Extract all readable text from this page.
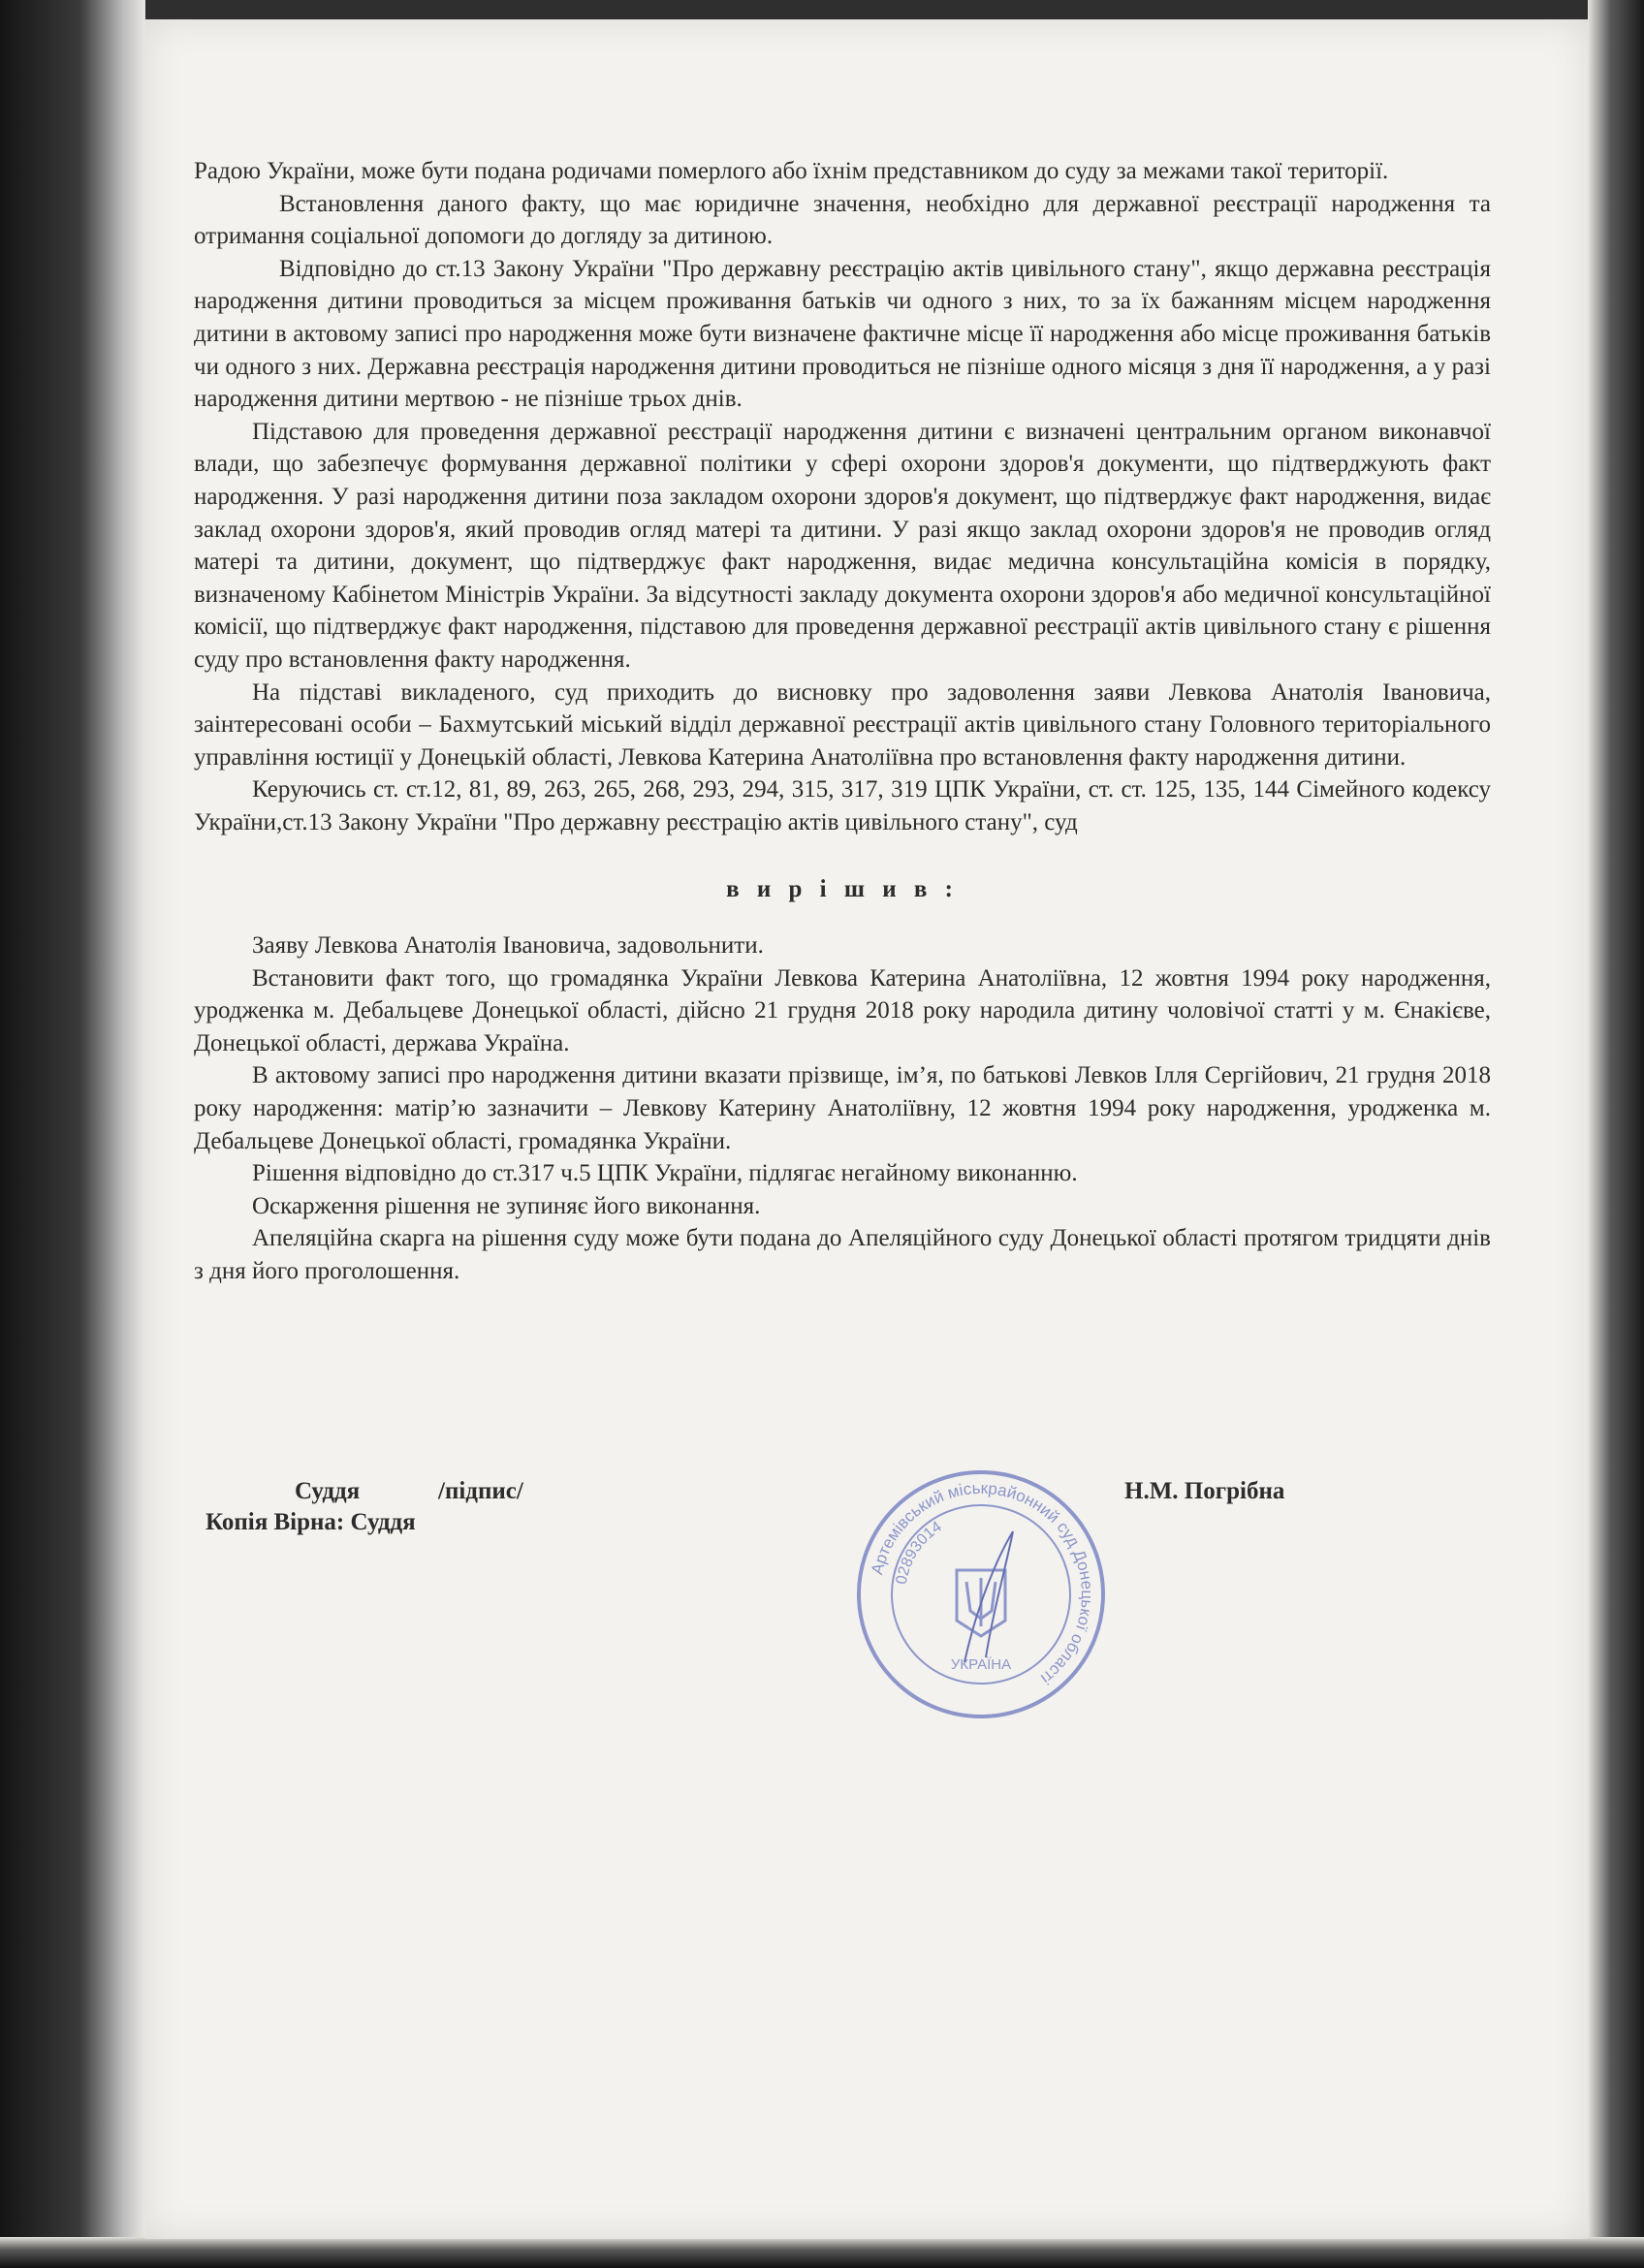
Радою України, може бути подана родичами померлого або їхнім представником до суду за межами такої території.

Встановлення даного факту, що має юридичне значення, необхідно для державної реєстрації народження та отримання соціальної допомоги до догляду за дитиною.

Відповідно до ст.13 Закону України "Про державну реєстрацію актів цивільного стану", якщо державна реєстрація народження дитини проводиться за місцем проживання батьків чи одного з них, то за їх бажанням місцем народження дитини в актовому записі про народження може бути визначене фактичне місце її народження або місце проживання батьків чи одного з них. Державна реєстрація народження дитини проводиться не пізніше одного місяця з дня її народження, а у разі народження дитини мертвою - не пізніше трьох днів.

Підставою для проведення державної реєстрації народження дитини є визначені центральним органом виконавчої влади, що забезпечує формування державної політики у сфері охорони здоров'я документи, що підтверджують факт народження. У разі народження дитини поза закладом охорони здоров'я документ, що підтверджує факт народження, видає заклад охорони здоров'я, який проводив огляд матері та дитини. У разі якщо заклад охорони здоров'я не проводив огляд матері та дитини, документ, що підтверджує факт народження, видає медична консультаційна комісія в порядку, визначеному Кабінетом Міністрів України. За відсутності закладу документа охорони здоров'я або медичної консультаційної комісії, що підтверджує факт народження, підставою для проведення державної реєстрації актів цивільного стану є рішення суду про встановлення факту народження.

На підставі викладеного, суд приходить до висновку про задоволення заяви Левкова Анатолія Івановича, заінтересовані особи – Бахмутський міський відділ державної реєстрації актів цивільного стану Головного територіального управління юстиції у Донецькій області, Левкова Катерина Анатоліївна про встановлення факту народження дитини.

Керуючись ст. ст.12, 81, 89, 263, 265, 268, 293, 294, 315, 317, 319 ЦПК України, ст. ст. 125, 135, 144 Сімейного кодексу України,ст.13 Закону України "Про державну реєстрацію актів цивільного стану", суд

в и р і ш и в :

Заяву Левкова Анатолія Івановича, задовольнити.

Встановити факт того, що громадянка України Левкова Катерина Анатоліївна, 12 жовтня 1994 року народження, уродженка м. Дебальцеве Донецької області, дійсно 21 грудня 2018 року народила дитину чоловічої статті у м. Єнакієве, Донецької області, держава Україна.

В актовому записі про народження дитини вказати прізвище, ім’я, по батькові Левков Ілля Сергійович, 21 грудня 2018 року народження: матір’ю зазначити – Левкову Катерину Анатоліївну, 12 жовтня 1994 року народження, уродженка м. Дебальцеве Донецької області, громадянка України.

Рішення відповідно до ст.317 ч.5 ЦПК України, підлягає негайному виконанню.

Оскарження рішення не зупиняє його виконання.

Апеляційна скарга на рішення суду може бути подана до Апеляційного суду Донецької області протягом тридцяти днів з дня його проголошення.

Суддя	/підпис/	Н.М. Погрібна
Копія Вірна: Суддя
Артемівський міськрайонний суд Донецької області
02893014
УКРАЇНА
